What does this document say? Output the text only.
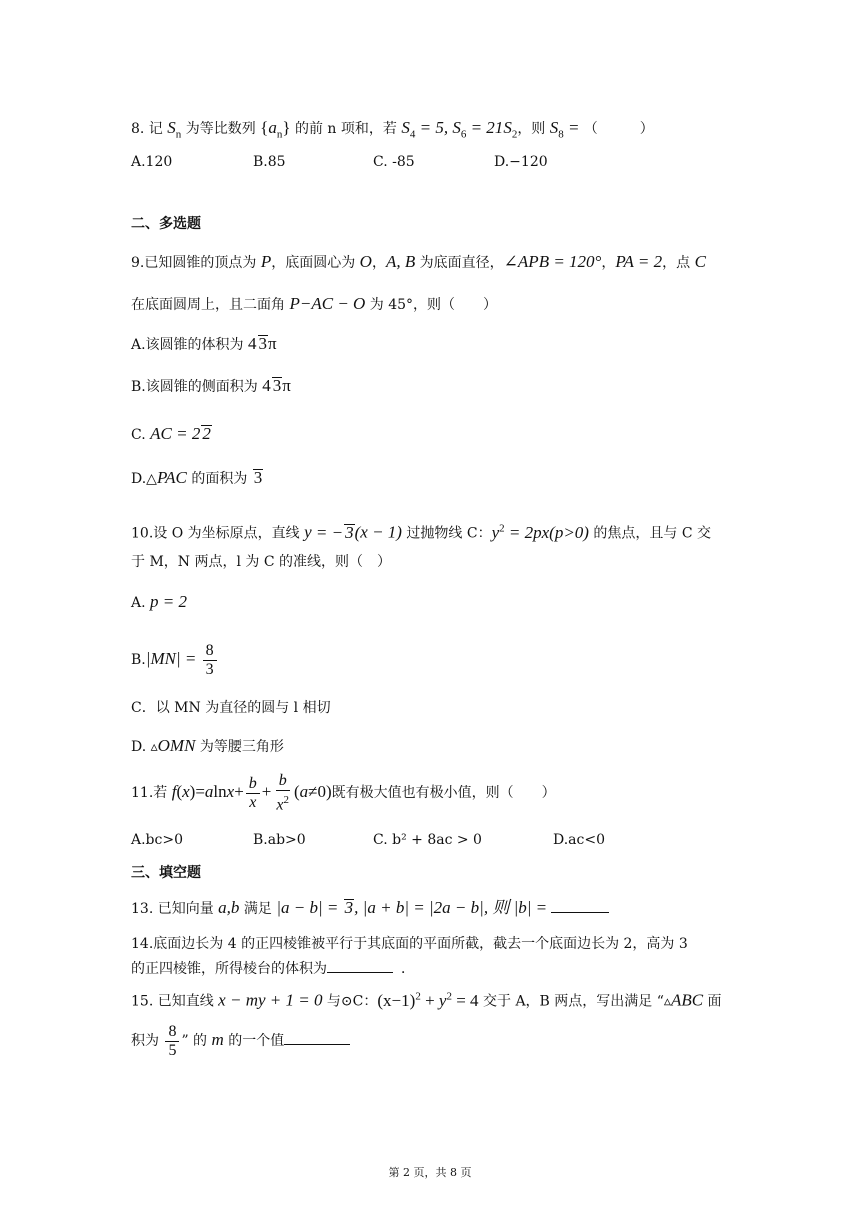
8. 记 $S_n$ 为等比数列 $\{a_n\}$ 的前 n 项和，若 $S_4 = 5$, $S_6 = 21S_2$，则 $S_8$ = （　　　）
A.120	B.85	C. -85	D.−120
二、多选题
9.已知圆锥的顶点为 P，底面圆心为 O，A, B 为底面直径，∠APB = 120°，PA = 2，点 C
在底面圆周上，且二面角 P−AC − O 为 45°，则（　　）
A.该圆锥的体积为 4 3π
B.该圆锥的侧面积为 4 3π
C. AC = 2 2
D.△PAC 的面积为 3
10.设 O 为坐标原点，直线 y = − 3(x − 1) 过抛物线 C：$y^2 = 2px(p>0)$ 的焦点，且与 C 交
于 M，N 两点，l 为 C 的准线，则（　）
A. p = 2
$B.|MN| = \frac{8}{3}$
C．以 MN 为直径的圆与 l 相切
D. ▵OMN 为等腰三角形
11.若 $f(x)=alnx+ \frac{b}{x} + \frac{b}{x^2} (a\ne 0)$既有极大值也有极小值，则（　　）
A.bc>0	B.ab>0	C. b² + 8ac > 0	D.ac<0
三、填空题
13. 已知向量 a,b 满足 |a − b| = 3, |a + b| = |2a − b|, 则 |b| =
14.底面边长为 4 的正四棱锥被平行于其底面的平面所截，截去一个底面边长为 2，高为 3
的正四棱锥，所得棱台的体积为	．
15. 已知直线 x − my + 1 = 0 与⊙C：$(x-1)^2 + y^2 = 4$ 交于 A，B 两点，写出满足 “▵ABC 面
积为 $\frac{8}{5}$ ” 的 m 的一个值
第 2 页，共 8 页
